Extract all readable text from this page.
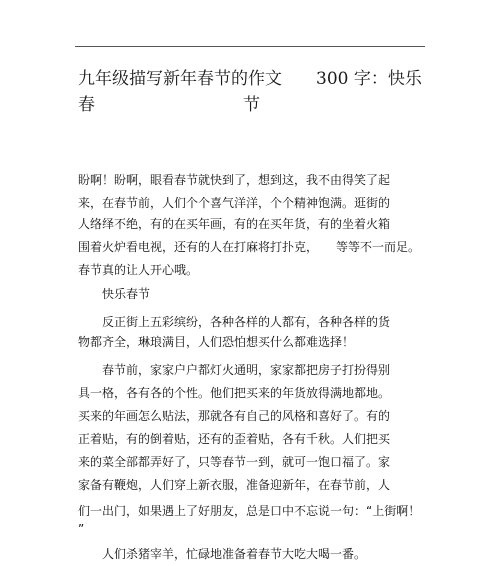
九年级描写新年春节的作文　　300 字：快乐春	节
盼啊！盼啊，眼看春节就快到了，想到这，我不由得笑了起
来，在春节前，人们个个喜气洋洋，个个精神饱满。逛街的
人络绎不绝，有的在买年画，有的在买年货，有的坐着火箱
围着火炉看电视，还有的人在打麻将打扑克，　　等等不一而足。
春节真的让人开心哦。
　　快乐春节
　　反正街上五彩缤纷，各种各样的人都有，各种各样的货
物都齐全，琳琅满目，人们恐怕想买什么都难选择！
　　春节前，家家户户都灯火通明，家家都把房子打扮得别
具一格，各有各的个性。他们把买来的年货放得满地都地。
买来的年画怎么贴法，那就各有自己的风格和喜好了。有的
正着贴，有的倒着贴，还有的歪着贴，各有千秋。人们把买
来的菜全部都弄好了，只等春节一到，就可一饱口福了。家
家备有鞭炮，人们穿上新衣服，准备迎新年，在春节前，人
们一出门，如果遇上了好朋友，总是口中不忘说一句：“上街啊！
”
　　人们杀猪宰羊，忙碌地准备着春节大吃大喝一番。
